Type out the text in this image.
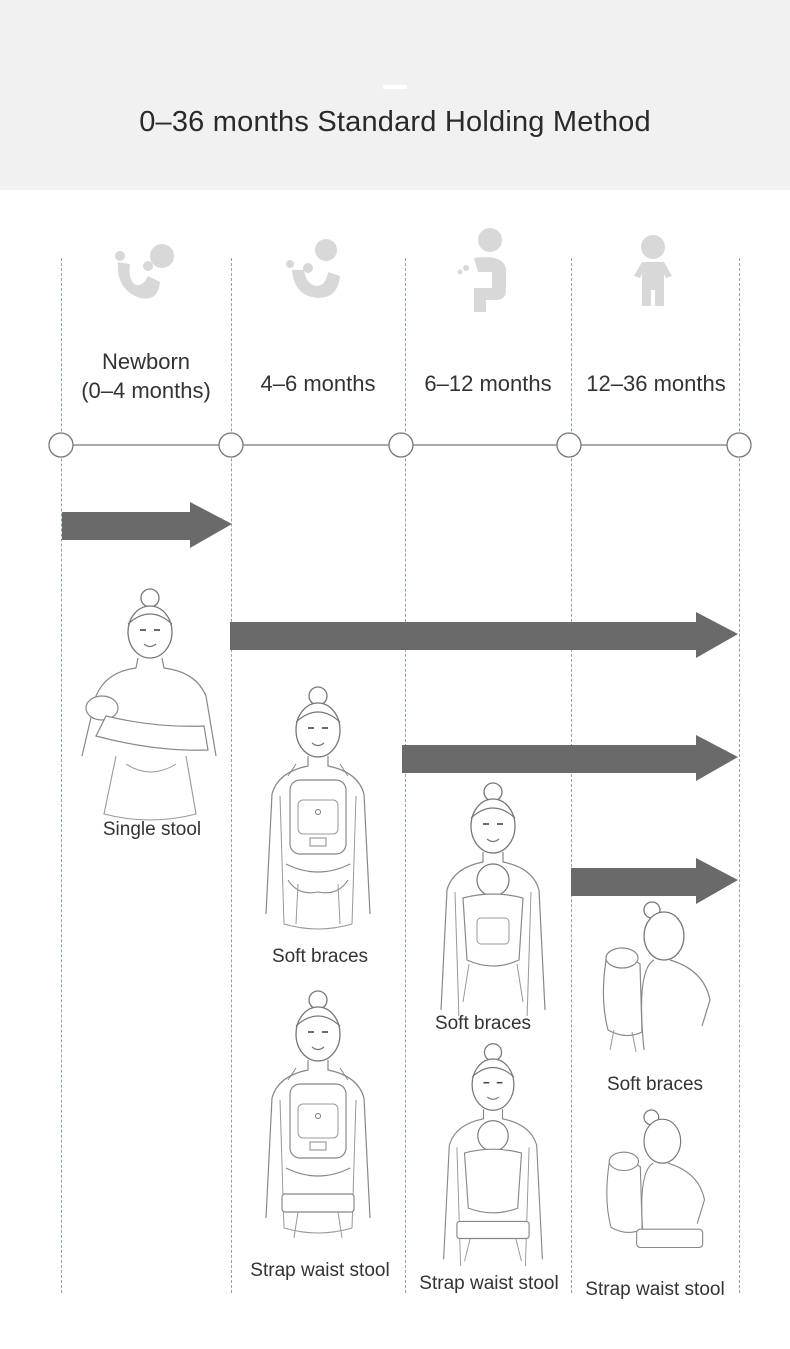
0–36 months Standard Holding Method
Newborn
(0–4 months)	4–6 months	6–12 months	12–36 months
Single stool
Soft braces
Strap waist stool
Soft braces
Strap waist stool
Soft braces
Strap waist stool
